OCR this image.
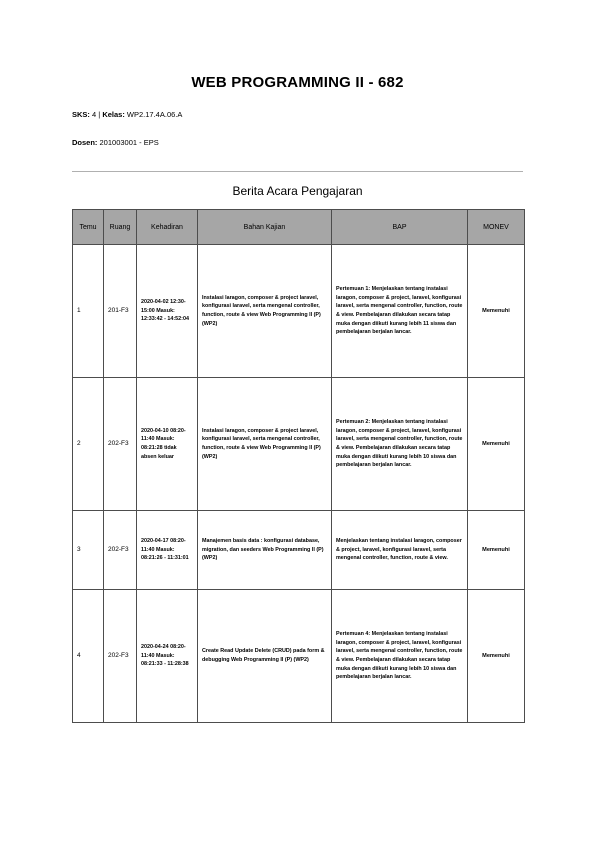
WEB PROGRAMMING II - 682
SKS: 4 | Kelas: WP2.17.4A.06.A
Dosen: 201003001 - EPS
Berita Acara Pengajaran
Temu	Ruang	Kehadiran	Bahan Kajian	BAP	MONEV
1	201-F3	2020-04-02 12:30-15:00 Masuk: 12:33:42 - 14:52:04	Instalasi laragon, composer & project laravel, konfigurasi laravel, serta mengenal controller, function, route & view Web Programming II (P) (WP2)	Pertemuan 1: Menjelaskan tentang instalasi laragon, composer & project, laravel, konfigurasi laravel, serta mengenal controller, function, route & view. Pembelajaran dilakukan secara tatap muka dengan diikuti kurang lebih 11 siswa dan pembelajaran berjalan lancar.	Memenuhi
2	202-F3	2020-04-10 08:20-11:40 Masuk: 08:21:28 tidak absen keluar	Instalasi laragon, composer & project laravel, konfigurasi laravel, serta mengenal controller, function, route & view Web Programming II (P) (WP2)	Pertemuan 2: Menjelaskan tentang instalasi laragon, composer & project, laravel, konfigurasi laravel, serta mengenal controller, function, route & view. Pembelajaran dilakukan secara tatap muka dengan diikuti kurang lebih 10 siswa dan pembelajaran berjalan lancar.	Memenuhi
3	202-F3	2020-04-17 08:20-11:40 Masuk: 08:21:26 - 11:31:01	Manajemen basis data : konfigurasi database, migration, dan seeders Web Programming II (P) (WP2)	Menjelaskan tentang instalasi laragon, composer & project, laravel, konfigurasi laravel, serta mengenal controller, function, route & view.	Memenuhi
4	202-F3	2020-04-24 08:20-11:40 Masuk: 08:21:33 - 11:28:38	Create Read Update Delete (CRUD) pada form & debugging Web Programming II (P) (WP2)	Pertemuan 4: Menjelaskan tentang instalasi laragon, composer & project, laravel, konfigurasi laravel, serta mengenal controller, function, route & view. Pembelajaran dilakukan secara tatap muka dengan diikuti kurang lebih 10 siswa dan pembelajaran berjalan lancar.	Memenuhi
